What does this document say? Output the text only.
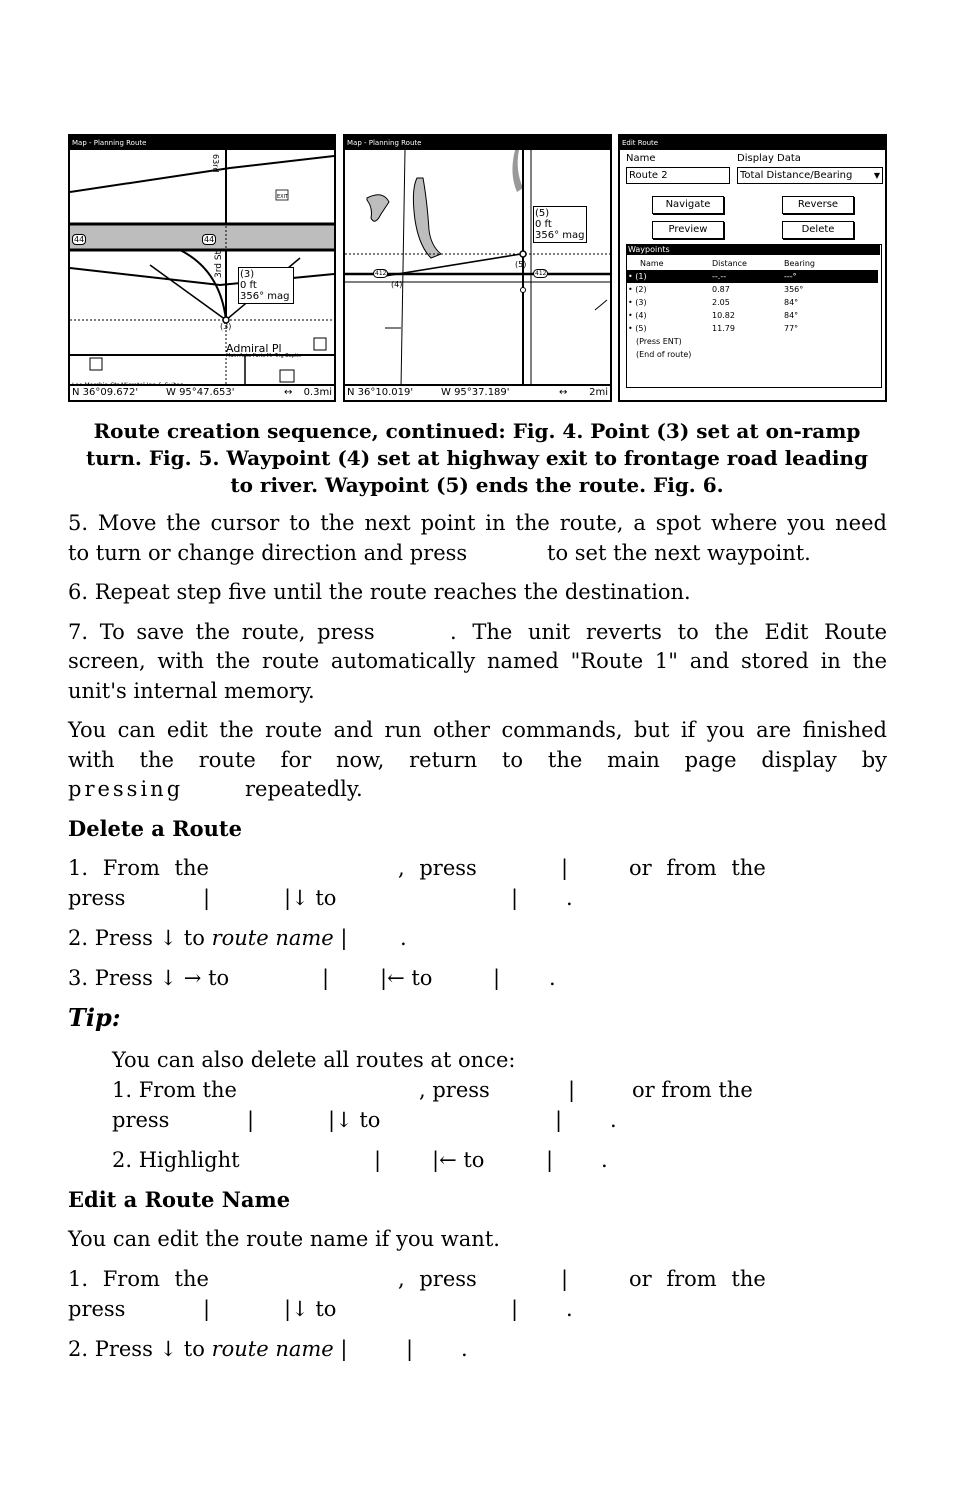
Map - Planning Route
63rd
44	44
3rd St
EXIT
(3)
0 ft
356° mag
(3)
Admiral Pl
Main Auto Parts Mr Trig Baptis
N 36°09.672'	W 95°47.653'	↔ 0.3mi
Map - Planning Route
(5)
0 ft
356° mag
(5)
(4)
412	412
N 36°10.019'	W 95°37.189'	↔ 2mi
Edit Route
Name	Display Data
Route 2	Total Distance/Bearing	▼
Navigate	Reverse
Preview	Delete
Waypoints
Name	Distance	Bearing
• (1)	--.--	---°
• (2)	0.87	356°
• (3)	2.05	84°
• (4)	10.82	84°
• (5)	11.79	77°
(Press ENT)
(End of route)
Route creation sequence, continued: Fig. 4. Point (3) set at on-ramp
turn. Fig. 5. Waypoint (4) set at highway exit to frontage road leading
to river. Waypoint (5) ends the route. Fig. 6.
5. Move the cursor to the next point in the route, a spot where you need
to turn or change direction and press	to set the next waypoint.
6. Repeat step five until the route reaches the destination.
7. To save the route, press	. The unit reverts to the Edit Route
screen, with the route automatically named "Route 1" and stored in the
unit's internal memory.
You can edit the route and run other commands, but if you are finished
with the route for now, return to the main page display by
pressing	repeatedly.
Delete a Route
1. From the	, press	|	or from the
press	|	|↓ to	| .
2. Press ↓ to route name |	.
3. Press ↓ → to	| |← to	| .
Tip:
You can also delete all routes at once:
1. From the	, press	|	or from the
press	|	|↓ to	| .
2. Highlight	| |← to	| .
Edit a Route Name
You can edit the route name if you want.
1. From the	, press	|	or from the
press	|	|↓ to	| .
2. Press ↓ to route name |	| .
